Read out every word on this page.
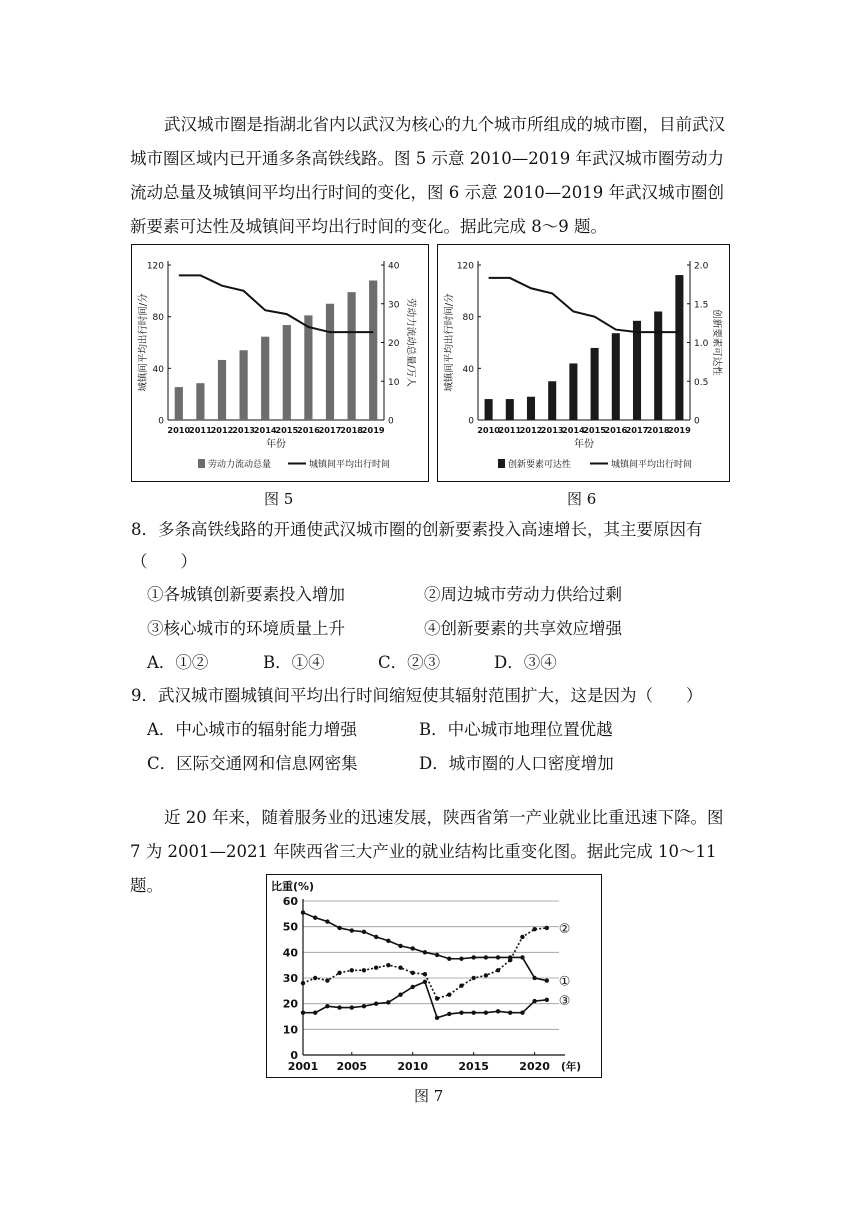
武汉城市圈是指湖北省内以武汉为核心的九个城市所组成的城市圈，目前武汉城市圈区域内已开通多条高铁线路。图 5 示意 2010—2019 年武汉城市圈劳动力流动总量及城镇间平均出行时间的变化，图 6 示意 2010—2019 年武汉城市圈创新要素可达性及城镇间平均出行时间的变化。据此完成 8～9 题。

0
40
80
120
0
10
20
30
40
2010
2011
2012
2013
2014
2015
2016
2017
2018
2019
年份
城镇间平均出行时间/分	劳动力流动总量/万人
劳动力流动总量	城镇间平均出行时间
图 5
0
40
80
120
0
0.5
1.0
1.5
2.0
2010
2011
2012
2013
2014
2015
2016
2017
2018
2019
年份
城镇间平均出行时间/分	创新要素可达性
创新要素可达性	城镇间平均出行时间
图 6
8．多条高铁线路的开通使武汉城市圈的创新要素投入高速增长，其主要原因有
（　　）
①各城镇创新要素投入增加	②周边城市劳动力供给过剩
③核心城市的环境质量上升	④创新要素的共享效应增强
A．①②	B．①④	C．②③	D．③④
9．武汉城市圈城镇间平均出行时间缩短使其辐射范围扩大，这是因为（　　）
A．中心城市的辐射能力增强	B．中心城市地理位置优越
C．区际交通网和信息网密集	D．城市圈的人口密度增加

近 20 年来，随着服务业的迅速发展，陕西省第一产业就业比重迅速下降。图 7 为 2001—2021 年陕西省三大产业的就业结构比重变化图。据此完成 10～11 题。

0
10
20
30
40
50
60
比重(%)
2001 2005	2010	2015	2020 (年)
①
②
③
图 7
